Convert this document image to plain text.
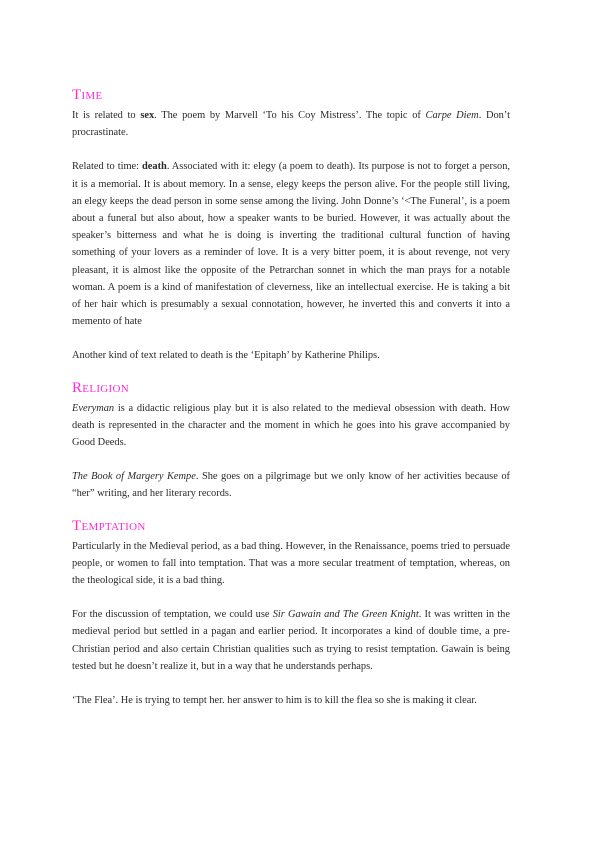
Time

It is related to sex. The poem by Marvell ‘To his Coy Mistress’. The topic of Carpe Diem. Don’t procrastinate.

Related to time: death. Associated with it: elegy (a poem to death). Its purpose is not to forget a person, it is a memorial. It is about memory. In a sense, elegy keeps the person alive. For the people still living, an elegy keeps the dead person in some sense among the living. John Donne’s ‘<The Funeral’, is a poem about a funeral but also about, how a speaker wants to be buried. However, it was actually about the speaker’s bitterness and what he is doing is inverting the traditional cultural function of having something of your lovers as a reminder of love. It is a very bitter poem, it is about revenge, not very pleasant, it is almost like the opposite of the Petrarchan sonnet in which the man prays for a notable woman. A poem is a kind of manifestation of cleverness, like an intellectual exercise. He is taking a bit of her hair which is presumably a sexual connotation, however, he inverted this and converts it into a memento of hate

Another kind of text related to death is the ‘Epitaph’ by Katherine Philips.

Religion

Everyman is a didactic religious play but it is also related to the medieval obsession with death. How death is represented in the character and the moment in which he goes into his grave accompanied by Good Deeds.

The Book of Margery Kempe. She goes on a pilgrimage but we only know of her activities because of “her” writing, and her literary records.

Temptation

Particularly in the Medieval period, as a bad thing. However, in the Renaissance, poems tried to persuade people, or women to fall into temptation. That was a more secular treatment of temptation, whereas, on the theological side, it is a bad thing.

For the discussion of temptation, we could use Sir Gawain and The Green Knight. It was written in the medieval period but settled in a pagan and earlier period. It incorporates a kind of double time, a pre-Christian period and also certain Christian qualities such as trying to resist temptation. Gawain is being tested but he doesn’t realize it, but in a way that he understands perhaps.

‘The Flea’. He is trying to tempt her. her answer to him is to kill the flea so she is making it clear.
